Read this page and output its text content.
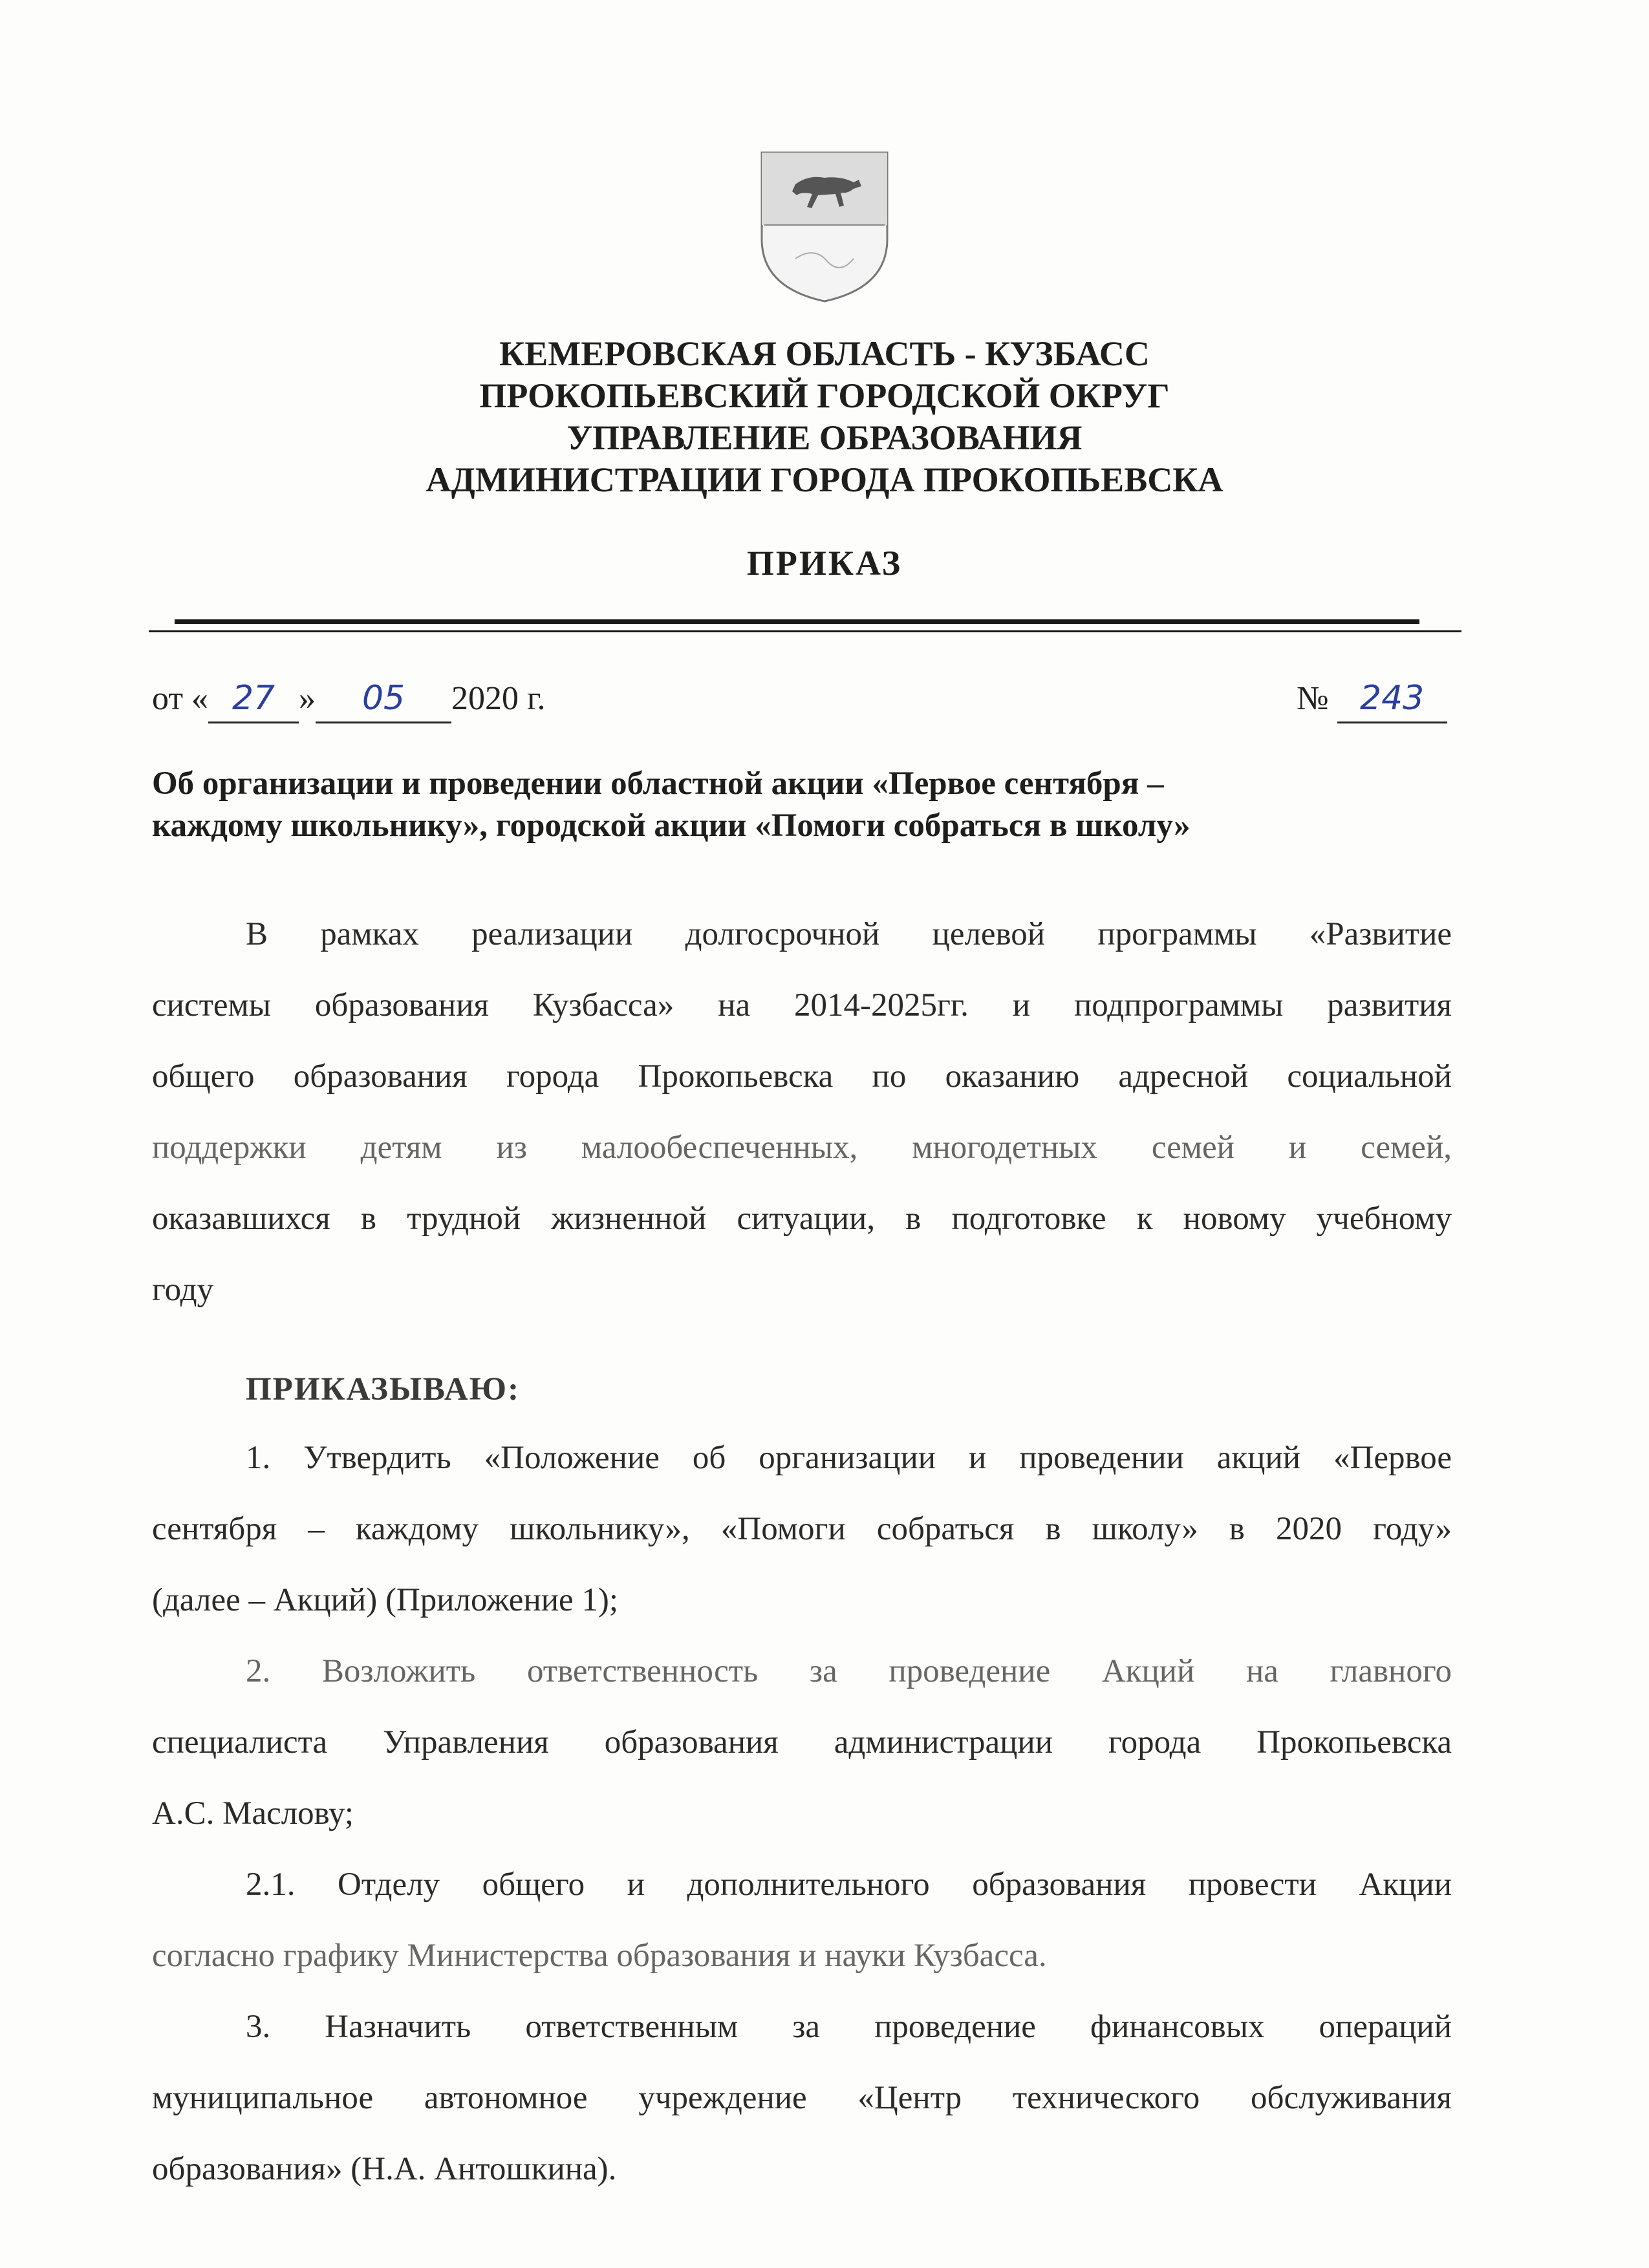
КЕМЕРОВСКАЯ ОБЛАСТЬ - КУЗБАСС
ПРОКОПЬЕВСКИЙ ГОРОДСКОЙ ОКРУГ
УПРАВЛЕНИЕ ОБРАЗОВАНИЯ
АДМИНИСТРАЦИИ ГОРОДА ПРОКОПЬЕВСКА
ПРИКАЗ
от « 27 » 05 2020 г.	№ 243
Об организации и проведении областной акции «Первое сентября –
каждому школьнику», городской акции «Помоги собраться в школу»
В рамках реализации долгосрочной целевой программы «Развитие
системы образования Кузбасса» на 2014-2025гг. и подпрограммы развития
общего образования города Прокопьевска по оказанию адресной социальной
поддержки детям из малообеспеченных, многодетных семей и семей,
оказавшихся в трудной жизненной ситуации, в подготовке к новому учебному
году
ПРИКАЗЫВАЮ:
1. Утвердить «Положение об организации и проведении акций «Первое
сентября – каждому школьнику», «Помоги собраться в школу» в 2020 году»
(далее – Акций) (Приложение 1);
2. Возложить ответственность за проведение Акций на главного
специалиста Управления образования администрации города Прокопьевска
А.С. Маслову;
2.1. Отделу общего и дополнительного образования провести Акции
согласно графику Министерства образования и науки Кузбасса.
3. Назначить ответственным за проведение финансовых операций
муниципальное автономное учреждение «Центр технического обслуживания
образования» (Н.А. Антошкина).
